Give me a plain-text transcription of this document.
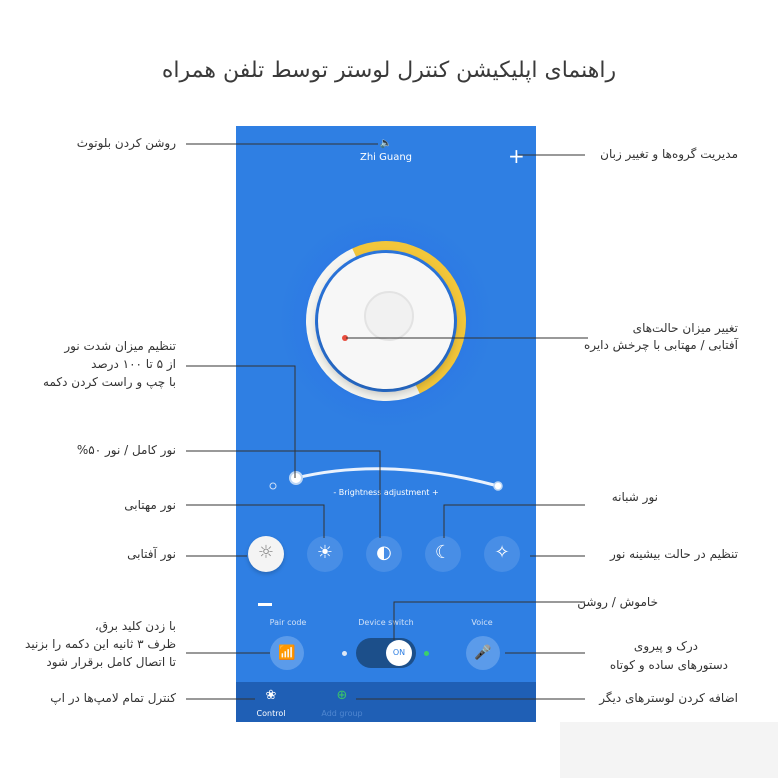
راهنمای اپلیکیشن کنترل لوستر توسط تلفن همراه
🔈
Zhi Guang	+
- Brightness adjustment +
☼	☀	◐	☾	✧
Pair code	Device switch	Voice
📶	ON	🎤
❀
Control
⊕
Add group
روشن کردن بلوتوث
مدیریت گروه‌ها و تغییر زبان
تغییر میزان حالت‌های
آفتابی / مهتابی با چرخش دایره
تنظیم میزان شدت نور
از ۵ تا ۱۰۰ درصد
با چپ و راست کردن دکمه
نور کامل / نور ۵۰%
نور مهتابی
نور شبانه
نور آفتابی	تنظیم در حالت بیشینه نور
خاموش / روشن
با زدن کلید برق،
ظرف ۳ ثانیه این دکمه را بزنید
تا اتصال کامل برقرار شود
درک و پیروی
دستورهای ساده و کوتاه
کنترل تمام لامپ‌ها در اپ	اضافه کردن لوسترهای دیگر
